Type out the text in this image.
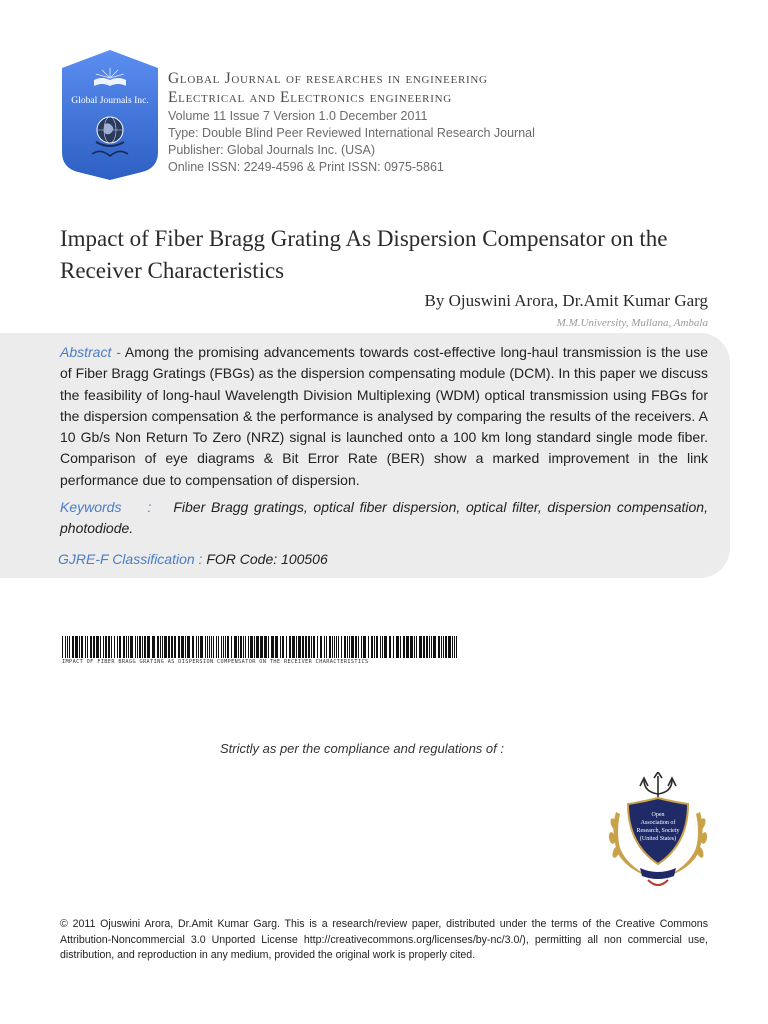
Global Journals Inc.
Global Journal of researches in engineering
Electrical and Electronics engineering
Volume 11 Issue 7 Version 1.0 December 2011
Type: Double Blind Peer Reviewed International Research Journal
Publisher: Global Journals Inc. (USA)
Online ISSN: 2249-4596 & Print ISSN: 0975-5861
Impact of Fiber Bragg Grating As Dispersion Compensator on the Receiver Characteristics
By Ojuswini Arora, Dr.Amit Kumar Garg
M.M.University, Mullana, Ambala
Abstract - Among the promising advancements towards cost-effective long-haul transmission is the use of Fiber Bragg Gratings (FBGs) as the dispersion compensating module (DCM). In this paper we discuss the feasibility of long-haul Wavelength Division Multiplexing (WDM) optical transmission using FBGs for the dispersion compensation & the performance is analysed by comparing the results of the receivers. A 10 Gb/s Non Return To Zero (NRZ) signal is launched onto a 100 km long standard single mode fiber. Comparison of eye diagrams & Bit Error Rate (BER) show a marked improvement in the link performance due to compensation of dispersion.
Keywords : Fiber Bragg gratings, optical fiber dispersion, optical filter, dispersion compensation, photodiode.
GJRE-F Classification : FOR Code: 100506
IMPACT OF FIBER BRAGG GRATING AS DISPERSION COMPENSATOR ON THE RECEIVER CHARACTERISTICS
Strictly as per the compliance and regulations of :
Open
Association of
Research, Society
(United States)
© 2011 Ojuswini Arora, Dr.Amit Kumar Garg. This is a research/review paper, distributed under the terms of the Creative Commons Attribution-Noncommercial 3.0 Unported License http://creativecommons.org/licenses/by-nc/3.0/), permitting all non commercial use, distribution, and reproduction in any medium, provided the original work is properly cited.
